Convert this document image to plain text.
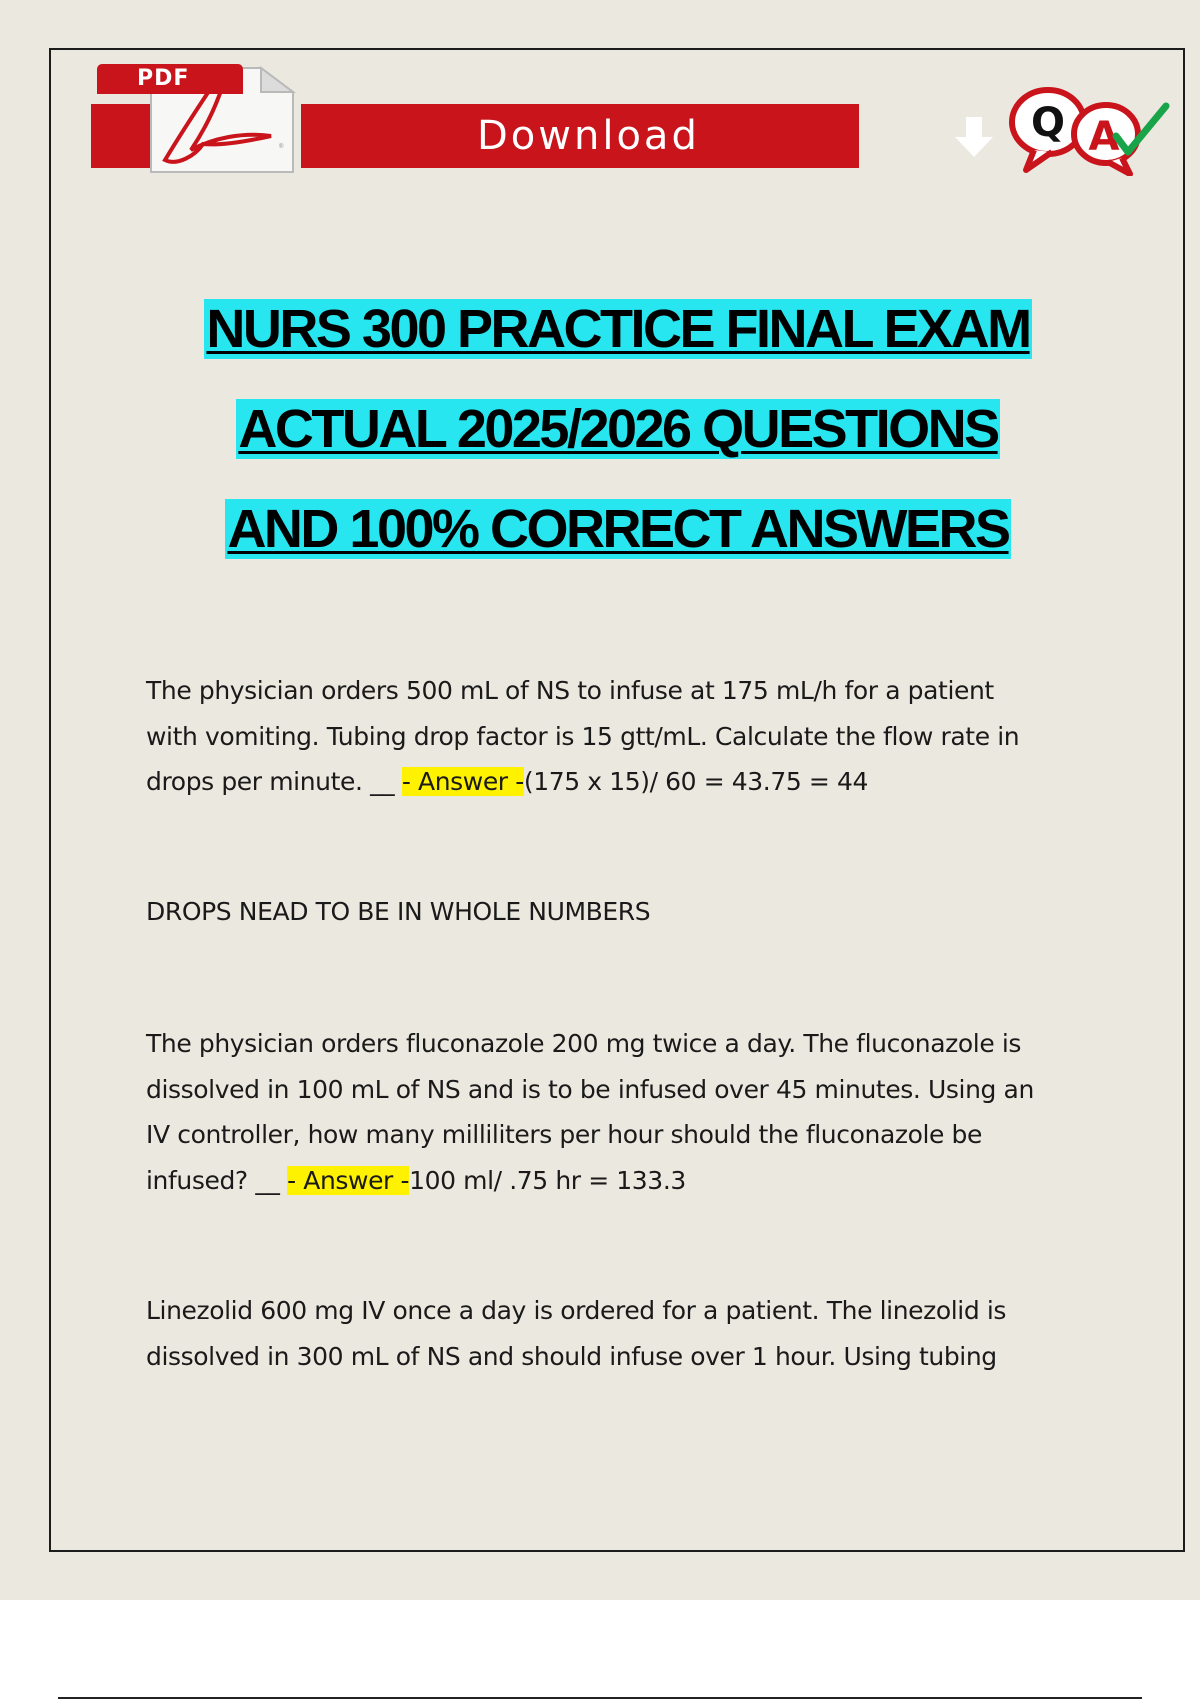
Download
®
PDF
Q A
NURS 300 PRACTICE FINAL EXAM
ACTUAL 2025/2026 QUESTIONS
AND 100% CORRECT ANSWERS

The physician orders 500 mL of NS to infuse at 175 mL/h for a patient

with vomiting. Tubing drop factor is 15 gtt/mL. Calculate the flow rate in

drops per minute. __ - Answer -(175 x 15)/ 60 = 43.75 = 44

DROPS NEAD TO BE IN WHOLE NUMBERS

The physician orders fluconazole 200 mg twice a day. The fluconazole is

dissolved in 100 mL of NS and is to be infused over 45 minutes. Using an

IV controller, how many milliliters per hour should the fluconazole be

infused? __ - Answer -100 ml/ .75 hr = 133.3

Linezolid 600 mg IV once a day is ordered for a patient. The linezolid is

dissolved in 300 mL of NS and should infuse over 1 hour. Using tubing
